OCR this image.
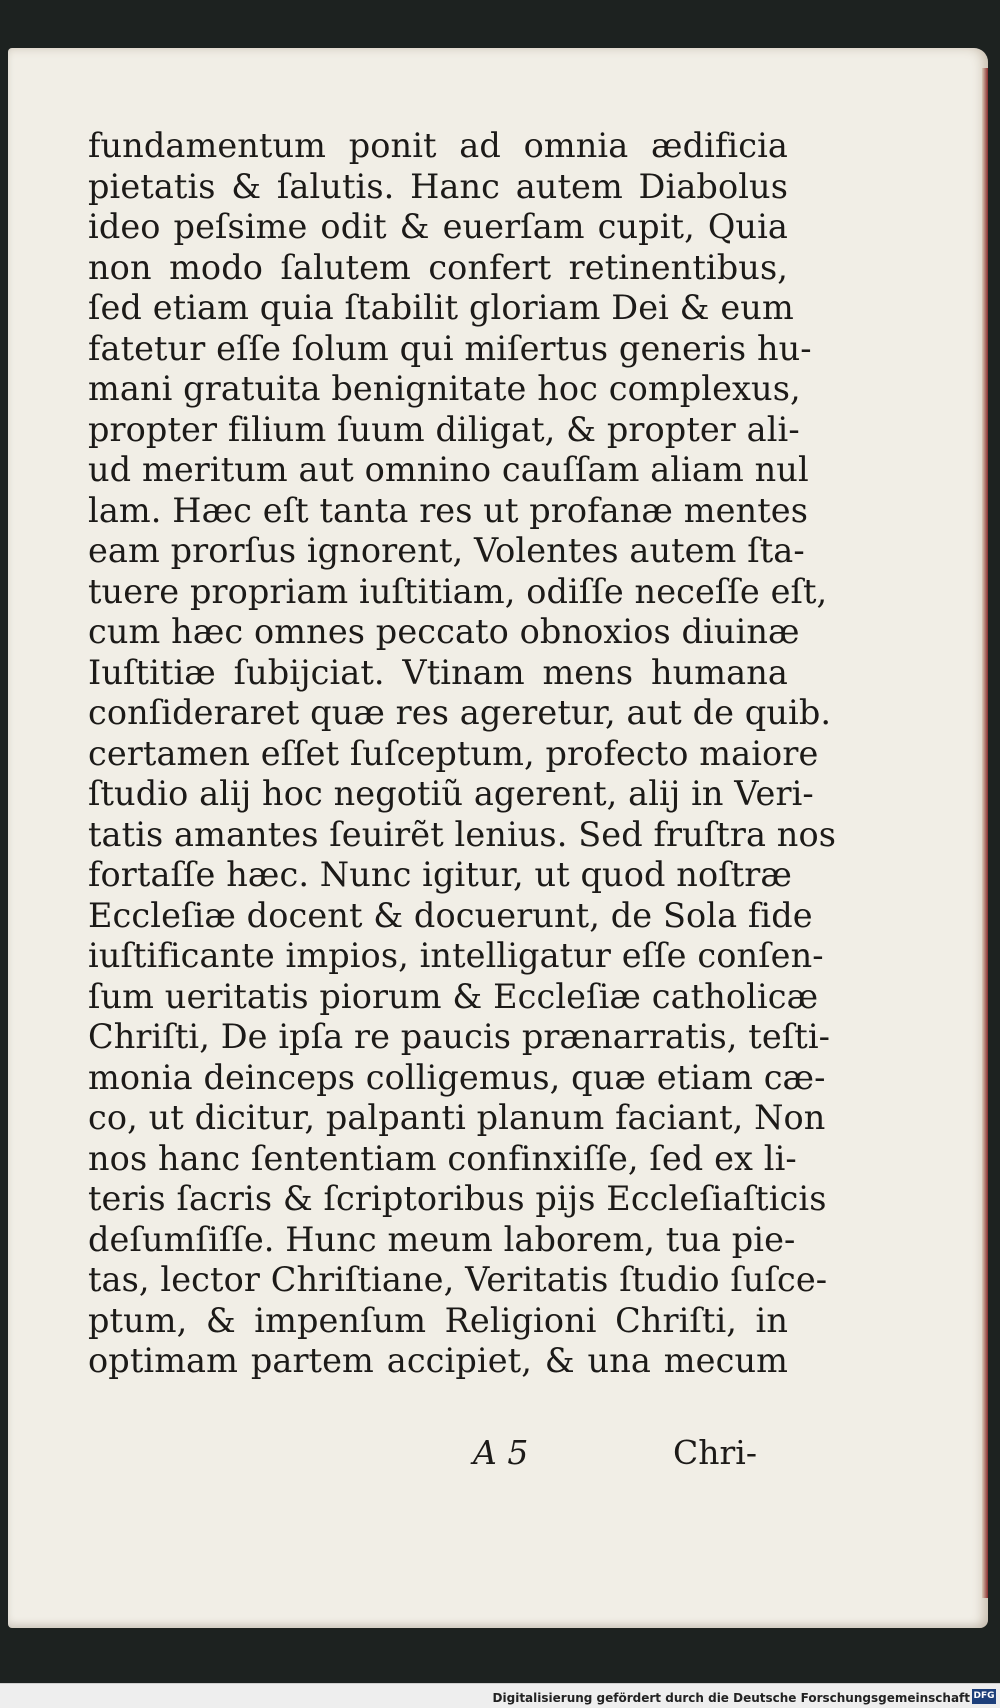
fundamentum ponit ad omnia ædificia
pietatis & ſalutis. Hanc autem Diabolus
ideo peſsime odit & euerſam cupit, Quia
non modo ſalutem confert retinentibus,
ſed etiam quia ſtabilit gloriam Dei & eum
fatetur eſſe ſolum qui miſertus generis hu-
mani gratuita benignitate hoc complexus,
propter filium ſuum diligat, & propter ali-
ud meritum aut omnino cauſſam aliam nul
lam. Hæc eſt tanta res ut profanæ mentes
eam prorſus ignorent, Volentes autem ſta-
tuere propriam iuſtitiam, odiſſe neceſſe eſt,
cum hæc omnes peccato obnoxios diuinæ
Iuſtitiæ ſubijciat. Vtinam mens humana
conſideraret quæ res ageretur, aut de quib.
certamen eſſet ſuſceptum, profecto maiore
ſtudio alij hoc negotiũ agerent, alij in Veri-
tatis amantes ſeuirẽt lenius. Sed fruſtra nos
fortaſſe hæc. Nunc igitur, ut quod noſtræ
Eccleſiæ docent & docuerunt, de Sola fide
iuſtificante impios, intelligatur eſſe conſen-
ſum ueritatis piorum & Eccleſiæ catholicæ
Chriſti, De ipſa re paucis prænarratis, teſti-
monia deinceps colligemus, quæ etiam cæ-
co, ut dicitur, palpanti planum faciant, Non
nos hanc ſententiam confinxiſſe, ſed ex li-
teris ſacris & ſcriptoribus pijs Eccleſiaſticis
deſumſiſſe. Hunc meum laborem, tua pie-
tas, lector Chriſtiane, Veritatis ſtudio ſuſce-
ptum, & impenſum Religioni Chriſti, in
optimam partem accipiet, & una mecum
A 5	Chri-
Digitalisierung gefördert durch die Deutsche Forschungsgemeinschaft DFG
